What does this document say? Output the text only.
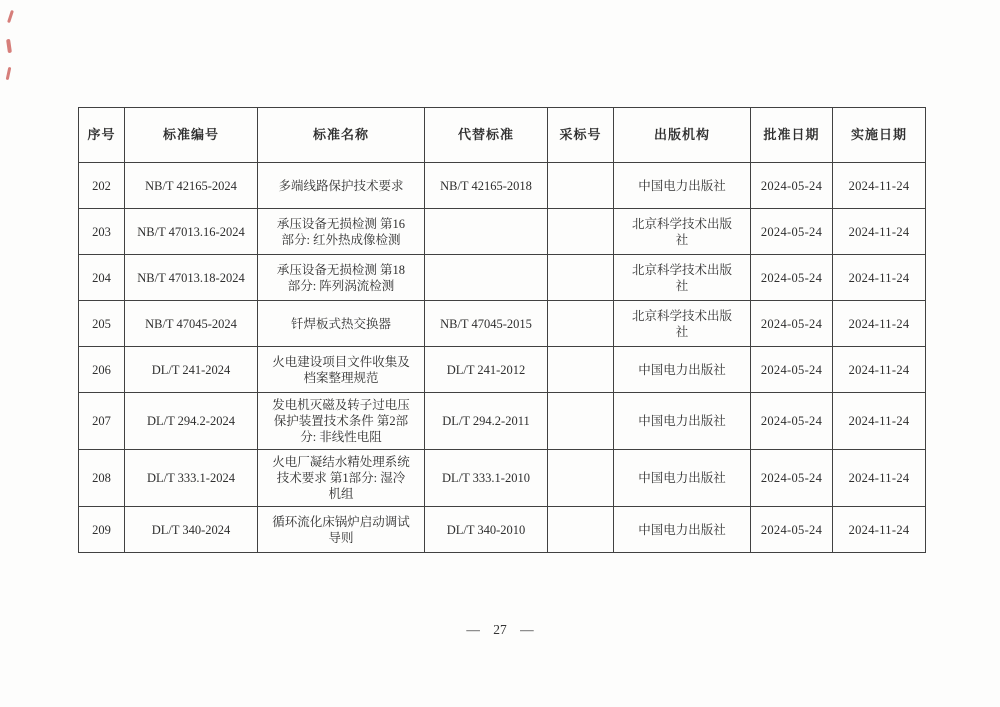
序号	标准编号	标准名称	代替标准	采标号	出版机构	批准日期	实施日期
202	NB/T 42165-2024	多端线路保护技术要求	NB/T 42165-2018		中国电力出版社	2024-05-24	2024-11-24
203	NB/T 47013.16-2024	承压设备无损检测 第16部分: 红外热成像检测			北京科学技术出版社	2024-05-24	2024-11-24
204	NB/T 47013.18-2024	承压设备无损检测 第18部分: 阵列涡流检测			北京科学技术出版社	2024-05-24	2024-11-24
205	NB/T 47045-2024	钎焊板式热交换器	NB/T 47045-2015		北京科学技术出版社	2024-05-24	2024-11-24
206	DL/T 241-2024	火电建设项目文件收集及档案整理规范	DL/T 241-2012		中国电力出版社	2024-05-24	2024-11-24
207	DL/T 294.2-2024	发电机灭磁及转子过电压保护装置技术条件 第2部分: 非线性电阻	DL/T 294.2-2011		中国电力出版社	2024-05-24	2024-11-24
208	DL/T 333.1-2024	火电厂凝结水精处理系统技术要求 第1部分: 湿冷机组	DL/T 333.1-2010		中国电力出版社	2024-05-24	2024-11-24
209	DL/T 340-2024	循环流化床锅炉启动调试导则	DL/T 340-2010		中国电力出版社	2024-05-24	2024-11-24
— 27 —
